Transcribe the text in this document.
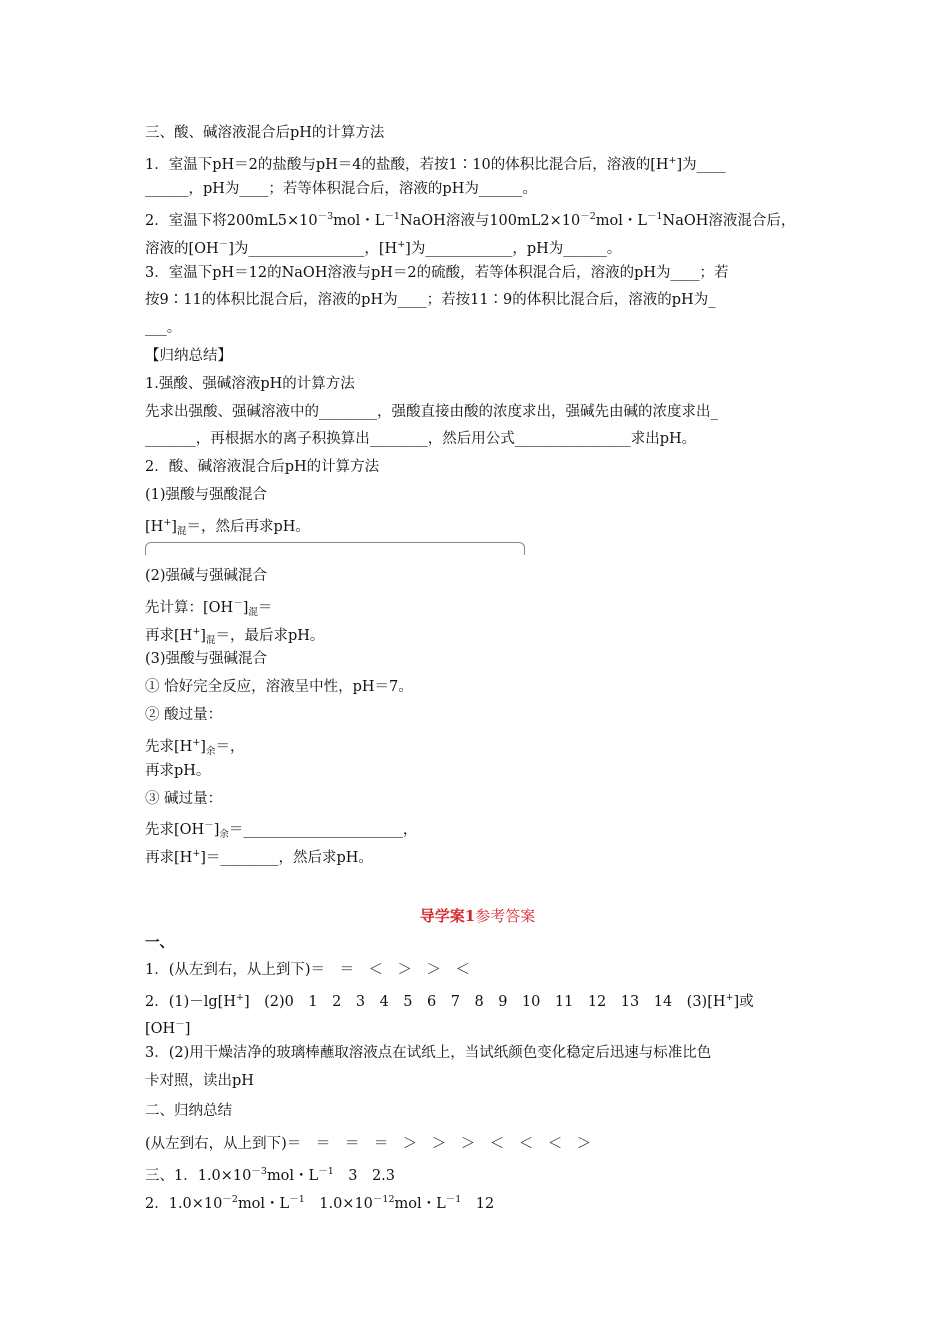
三、酸、碱溶液混合后pH的计算方法
1．室温下pH＝2的盐酸与pH＝4的盐酸，若按1∶10的体积比混合后，溶液的[H+]为____
______，pH为____；若等体积混合后，溶液的pH为______。
2．室温下将$200mL5\times 10^{-3}mol$・$L^{-1}NaOH$溶液与$100mL2\times 10^{-2}mol$・$L^{-1}NaOH$溶液混合后，
溶液的[OH－]为________________，[H+]为____________，pH为______。
3．室温下pH＝12的NaOH溶液与pH＝2的硫酸，若等体积混合后，溶液的pH为____；若
按9∶11的体积比混合后，溶液的pH为____；若按11∶9的体积比混合后，溶液的pH为_
___。
【归纳总结】
1.强酸、强碱溶液pH的计算方法
先求出强酸、强碱溶液中的________，强酸直接由酸的浓度求出，强碱先由碱的浓度求出_
_______，再根据水的离子积换算出________，然后用公式________________求出pH。
2．酸、碱溶液混合后pH的计算方法
(1)强酸与强酸混合
$[H^+]_混=$，然后再求pH。
(2)强碱与强碱混合
先计算：$[OH^-]_混=$
再求$[H^+]_混=$，最后求pH。
(3)强酸与强碱混合
① 恰好完全反应，溶液呈中性，pH＝7。
② 酸过量：
先求$[H^+]_余=$，
再求pH。
③ 碱过量：
先求$[OH^-]_余=\_\_\_\_\_\_\_\_\_\_\_\_\_\_\_\_\_\_\_\_\_\_$，
再求[H+]＝________，然后求pH。
导学案1参考答案
一、
1．(从左到右，从上到下)＝　＝　＜　＞　＞　＜
2．(1)－lg[H+]　(2)0　1　2　3　4　5　6　7　8　9　10　11　12　13　14　(3)[H+]或
[OH－]
3．(2)用干燥洁净的玻璃棒蘸取溶液点在试纸上，当试纸颜色变化稳定后迅速与标准比色
卡对照，读出pH
二、归纳总结
(从左到右，从上到下)＝　＝　＝　＝　＞　＞　＞　＜　＜　＜　＞
三、1．$1.0\times 10^{-3}mol$・$L^{-1}$　3　2.3
2．$1.0\times 10^{-2}mol$・$L^{-1}$　$1.0\times 10^{-12}mol$・$L^{-1}$　12
